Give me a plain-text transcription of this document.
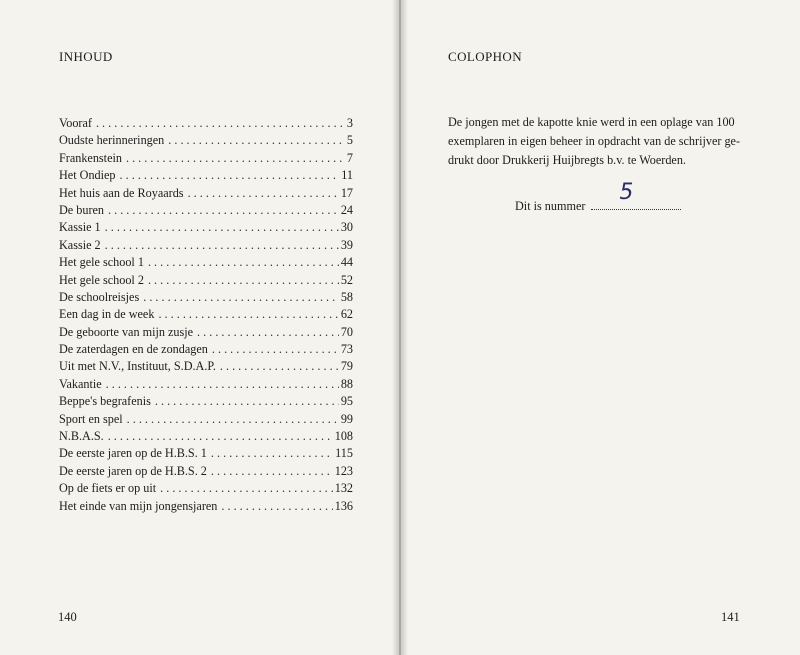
INHOUD
Vooraf . . .	3
Oudste herinneringen . . .	5
Frankenstein . . .	7
Het Ondiep . . .	11
Het huis aan de Royaards . . .	17
De buren . . .	24
Kassie 1 . . .	30
Kassie 2 . . .	39
Het gele school 1 . . .	44
Het gele school 2 . . .	52
De schoolreisjes . . .	58
Een dag in de week . . .	62
De geboorte van mijn zusje . . .	70
De zaterdagen en de zondagen . . .	73
Uit met N.V., Instituut, S.D.A.P. . . .	79
Vakantie . . .	88
Beppe's begrafenis . . .	95
Sport en spel . . .	99
N.B.A.S. . . .	108
De eerste jaren op de H.B.S. 1 . . .	115
De eerste jaren op de H.B.S. 2 . . .	123
Op de fiets er op uit . . .	132
Het einde van mijn jongensjaren . . .	136
140
COLOPHON
De jongen met de kapotte knie werd in een oplage van 100
exemplaren in eigen beheer in opdracht van de schrijver ge-
drukt door Drukkerij Huijbregts b.v. te Woerden.
Dit is nummer
5
141
